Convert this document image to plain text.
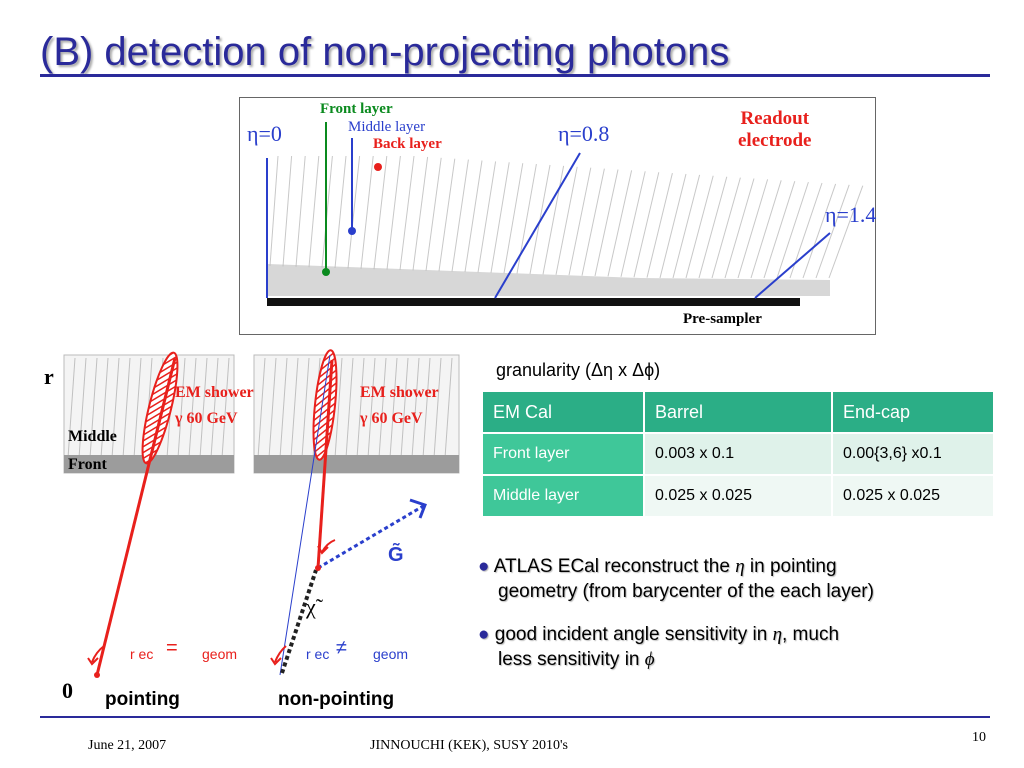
(B) detection of non-projecting photons
Front layer
Middle layer
Back layer
η=0	η=0.8
η=1.4
Readout
electrode
Pre-sampler
r
0
Middle
Front
EM shower
γ 60 GeV
EM shower
γ 60 GeV
G̃
χ̃
r ec = geom	r ec ≠ geom
pointing	non-pointing
granularity (Δη x Δϕ)
EM Cal	Barrel	End-cap
Front layer	0.003 x 0.1	0.00{3,6} x0.1
Middle layer	0.025 x 0.025	0.025 x 0.025
● ATLAS ECal reconstruct the η in pointing
geometry (from barycenter of the each layer)
● good incident angle sensitivity in η, much
less sensitivity in ϕ
June 21, 2007	JINNOUCHI (KEK), SUSY 2010's
10
